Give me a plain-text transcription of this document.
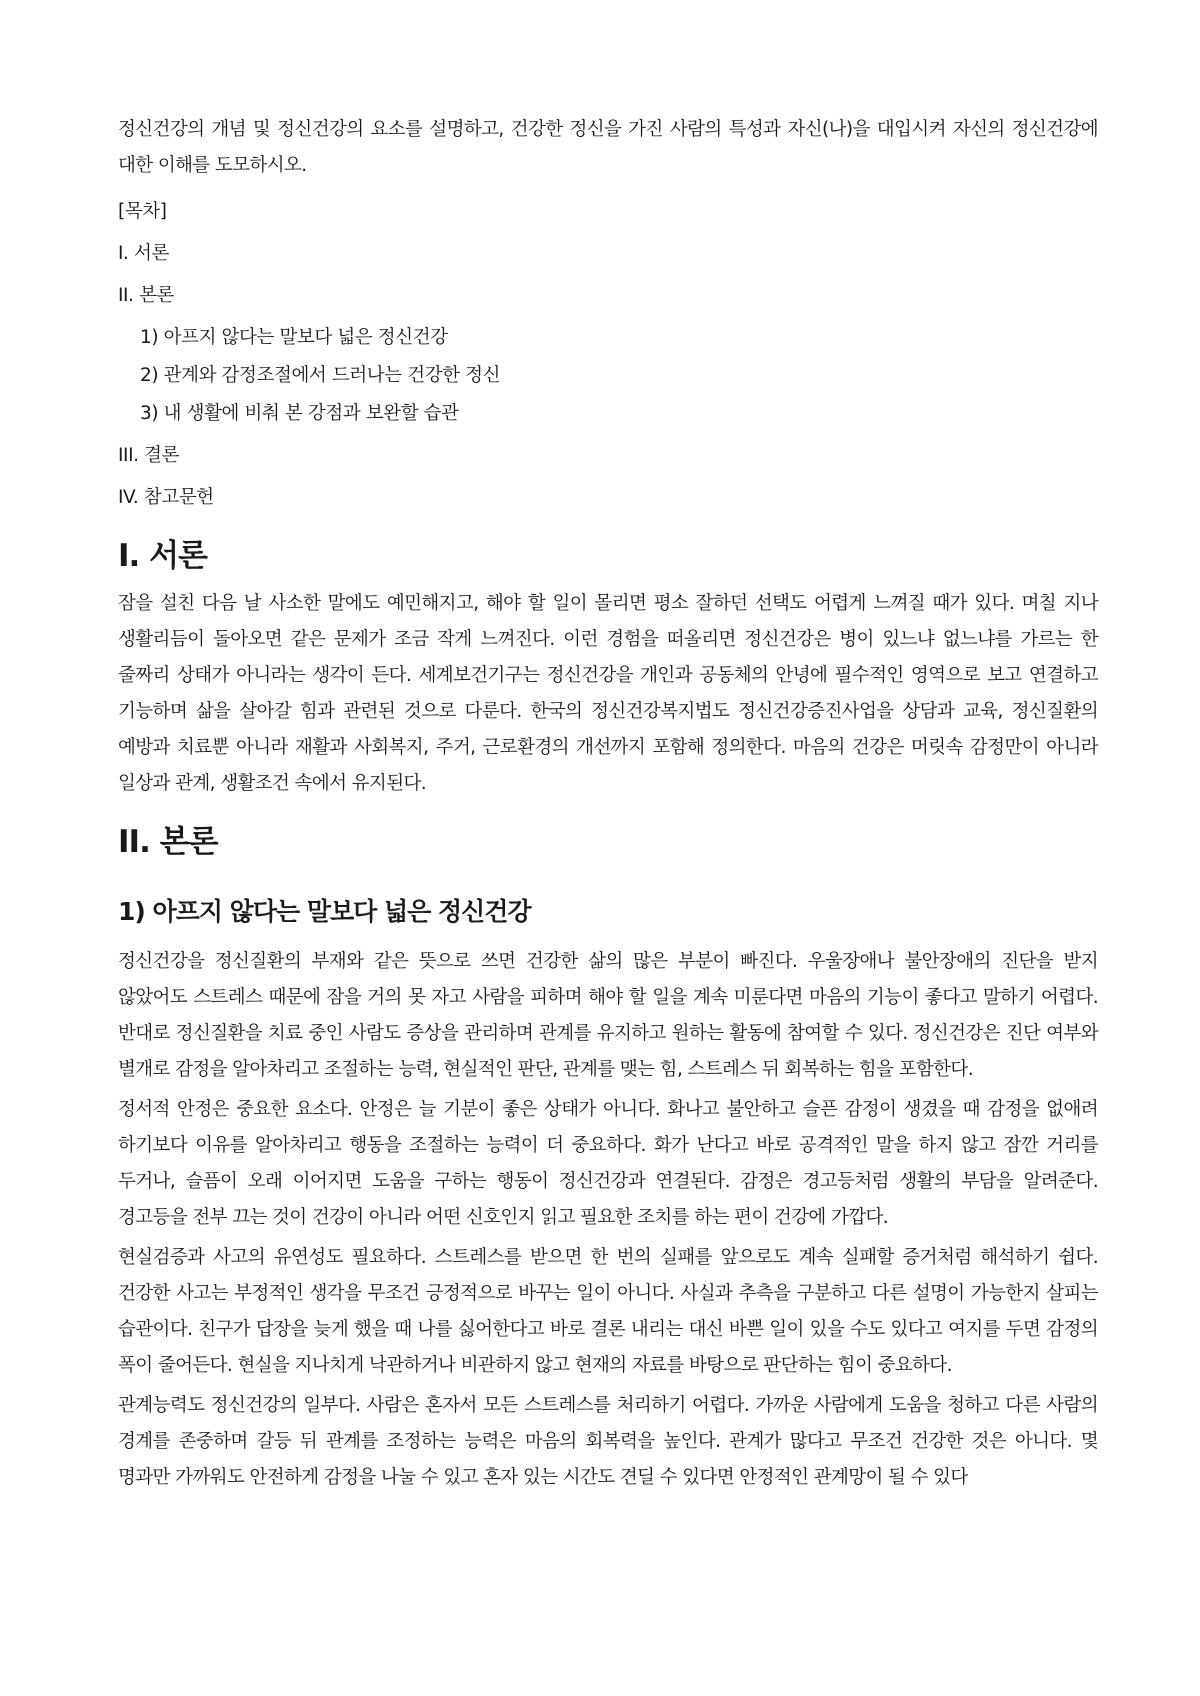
정신건강의 개념 및 정신건강의 요소를 설명하고, 건강한 정신을 가진 사람의 특성과 자신(나)을 대입시켜 자신의 정신건강에 대한 이해를 도모하시오.

[목차]
I. 서론
II. 본론
1) 아프지 않다는 말보다 넓은 정신건강
2) 관계와 감정조절에서 드러나는 건강한 정신
3) 내 생활에 비춰 본 강점과 보완할 습관
III. 결론
IV. 참고문헌
I. 서론

잠을 설친 다음 날 사소한 말에도 예민해지고, 해야 할 일이 몰리면 평소 잘하던 선택도 어렵게 느껴질 때가 있다. 며칠 지나 생활리듬이 돌아오면 같은 문제가 조금 작게 느껴진다. 이런 경험을 떠올리면 정신건강은 병이 있느냐 없느냐를 가르는 한 줄짜리 상태가 아니라는 생각이 든다. 세계보건기구는 정신건강을 개인과 공동체의 안녕에 필수적인 영역으로 보고 연결하고 기능하며 삶을 살아갈 힘과 관련된 것으로 다룬다. 한국의 정신건강복지법도 정신건강증진사업을 상담과 교육, 정신질환의 예방과 치료뿐 아니라 재활과 사회복지, 주거, 근로환경의 개선까지 포함해 정의한다. 마음의 건강은 머릿속 감정만이 아니라 일상과 관계, 생활조건 속에서 유지된다.

II. 본론
1) 아프지 않다는 말보다 넓은 정신건강

정신건강을 정신질환의 부재와 같은 뜻으로 쓰면 건강한 삶의 많은 부분이 빠진다. 우울장애나 불안장애의 진단을 받지 않았어도 스트레스 때문에 잠을 거의 못 자고 사람을 피하며 해야 할 일을 계속 미룬다면 마음의 기능이 좋다고 말하기 어렵다. 반대로 정신질환을 치료 중인 사람도 증상을 관리하며 관계를 유지하고 원하는 활동에 참여할 수 있다. 정신건강은 진단 여부와 별개로 감정을 알아차리고 조절하는 능력, 현실적인 판단, 관계를 맺는 힘, 스트레스 뒤 회복하는 힘을 포함한다.

정서적 안정은 중요한 요소다. 안정은 늘 기분이 좋은 상태가 아니다. 화나고 불안하고 슬픈 감정이 생겼을 때 감정을 없애려 하기보다 이유를 알아차리고 행동을 조절하는 능력이 더 중요하다. 화가 난다고 바로 공격적인 말을 하지 않고 잠깐 거리를 두거나, 슬픔이 오래 이어지면 도움을 구하는 행동이 정신건강과 연결된다. 감정은 경고등처럼 생활의 부담을 알려준다. 경고등을 전부 끄는 것이 건강이 아니라 어떤 신호인지 읽고 필요한 조치를 하는 편이 건강에 가깝다.

현실검증과 사고의 유연성도 필요하다. 스트레스를 받으면 한 번의 실패를 앞으로도 계속 실패할 증거처럼 해석하기 쉽다. 건강한 사고는 부정적인 생각을 무조건 긍정적으로 바꾸는 일이 아니다. 사실과 추측을 구분하고 다른 설명이 가능한지 살피는 습관이다. 친구가 답장을 늦게 했을 때 나를 싫어한다고 바로 결론 내리는 대신 바쁜 일이 있을 수도 있다고 여지를 두면 감정의 폭이 줄어든다. 현실을 지나치게 낙관하거나 비관하지 않고 현재의 자료를 바탕으로 판단하는 힘이 중요하다.

관계능력도 정신건강의 일부다. 사람은 혼자서 모든 스트레스를 처리하기 어렵다. 가까운 사람에게 도움을 청하고 다른 사람의 경계를 존중하며 갈등 뒤 관계를 조정하는 능력은 마음의 회복력을 높인다. 관계가 많다고 무조건 건강한 것은 아니다. 몇 명과만 가까워도 안전하게 감정을 나눌 수 있고 혼자 있는 시간도 견딜 수 있다면 안정적인 관계망이 될 수 있다
